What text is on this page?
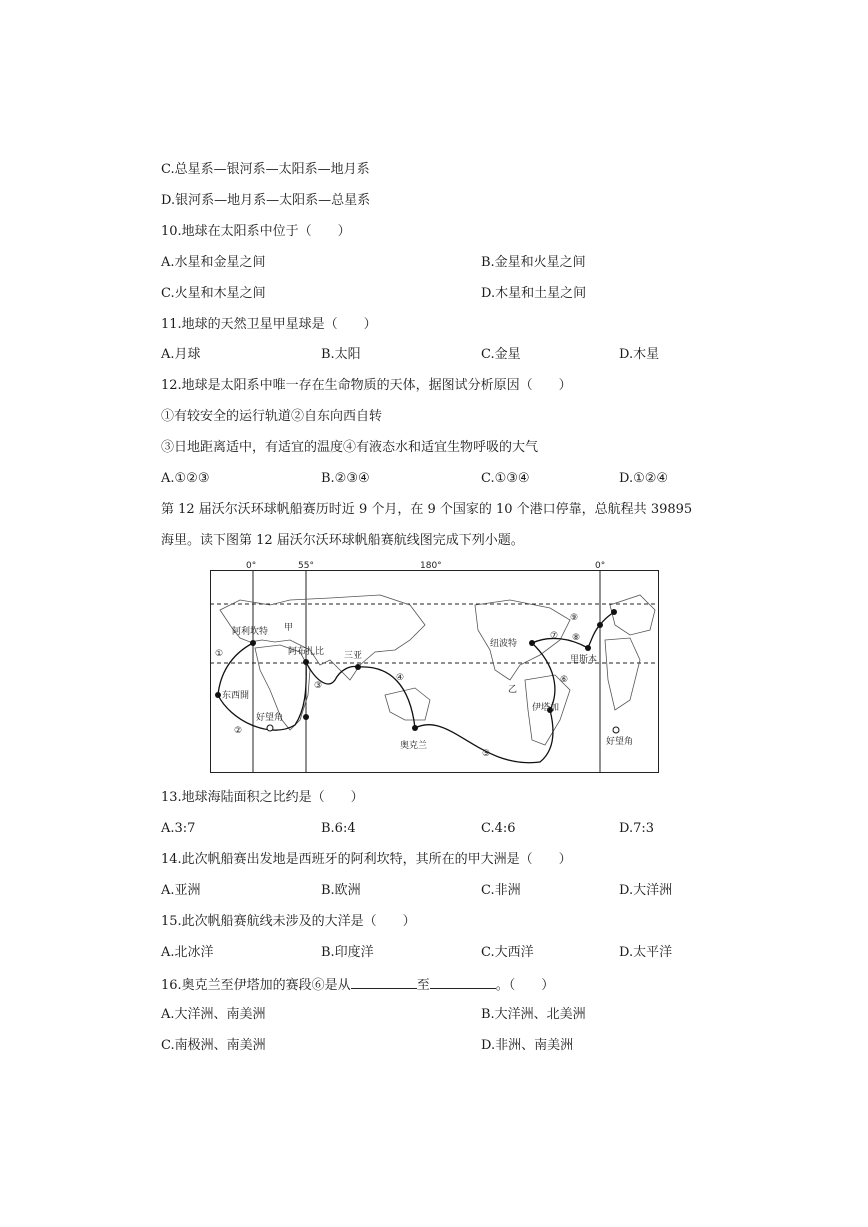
C.总星系—银河系—太阳系—地月系
D.银河系—地月系—太阳系—总星系
10.地球在太阳系中位于（　　）
A.水星和金星之间	B.金星和火星之间
C.火星和木星之间	D.木星和土星之间
11.地球的天然卫星甲星球是（　　）
A.月球	B.太阳	C.金星	D.木星
12.地球是太阳系中唯一存在生命物质的天体，据图试分析原因（　　）
①有较安全的运行轨道②自东向西自转
③日地距离适中，有适宜的温度④有液态水和适宜生物呼吸的大气
A.①②③	B.②③④	C.①③④	D.①②④
第 12 届沃尔沃环球帆船赛历时近 9 个月，在 9 个国家的 10 个港口停靠，总航程共 39895
海里。读下图第 12 届沃尔沃环球帆船赛航线图完成下列小题。
0°	55°	180°	0°
阿利坎特 甲
阿布扎比 三亚
东西開
好望角
纽波特
里斯本
伊塔加
乙
奥克兰	好望角
①
②
③
④
⑤
⑥
⑦ ⑧
⑨
13.地球海陆面积之比约是（　　）
A.3:7	B.6:4	C.4:6	D.7:3
14.此次帆船赛出发地是西班牙的阿利坎特，其所在的甲大洲是（　　）
A.亚洲	B.欧洲	C.非洲	D.大洋洲
15.此次帆船赛航线未涉及的大洋是（　　）
A.北冰洋	B.印度洋	C.大西洋	D.太平洋
16.奥克兰至伊塔加的赛段⑥是从	至	。（　　）
A.大洋洲、南美洲	B.大洋洲、北美洲
C.南极洲、南美洲	D.非洲、南美洲
